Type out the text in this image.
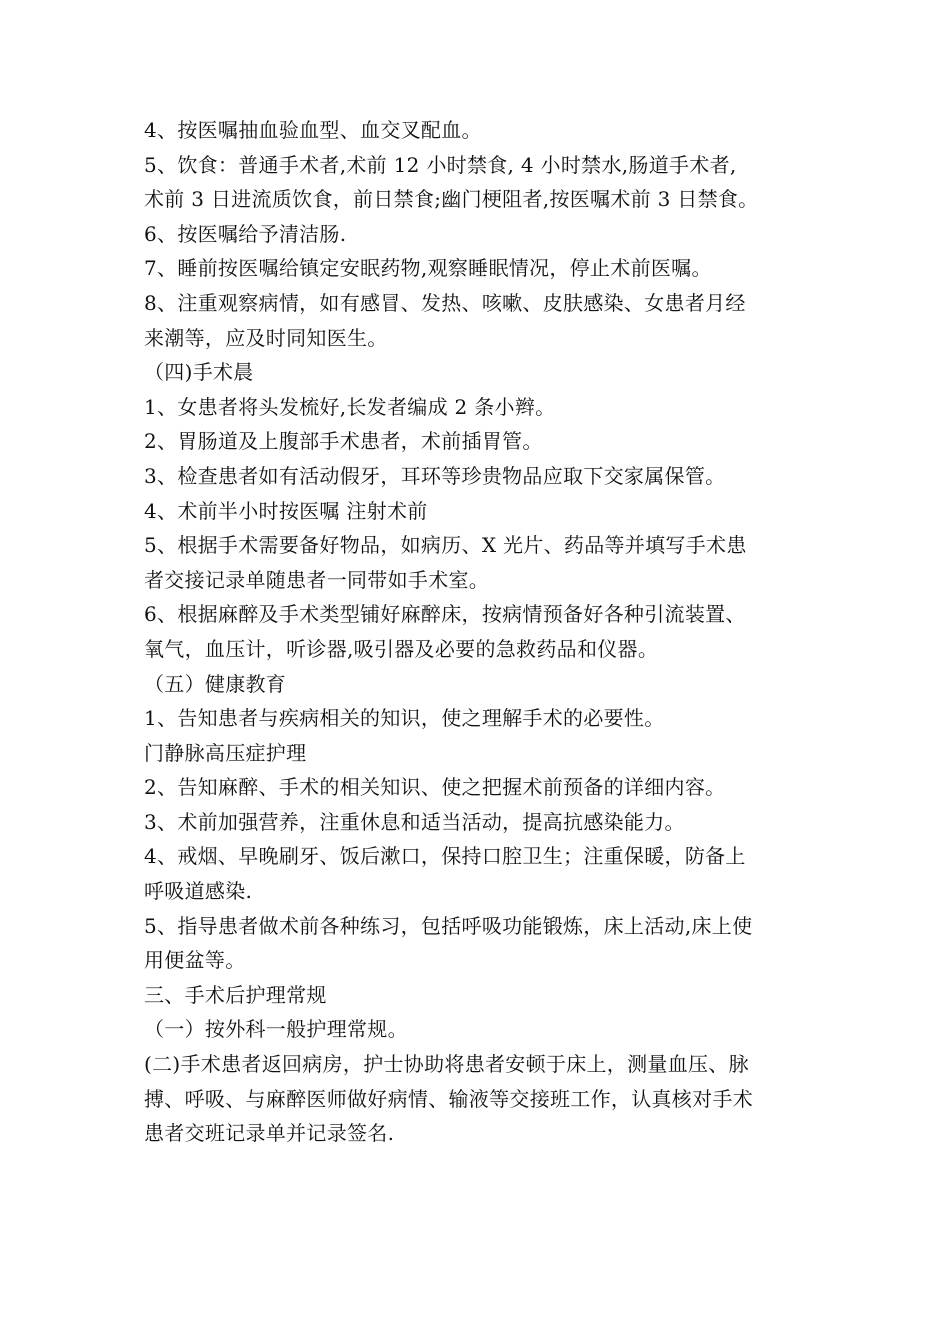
4、按医嘱抽血验血型、血交叉配血。
5、饮食：普通手术者,术前 12 小时禁食, 4 小时禁水,肠道手术者,
术前 3 日进流质饮食，前日禁食;幽门梗阻者,按医嘱术前 3 日禁食。
6、按医嘱给予清洁肠.
7、睡前按医嘱给镇定安眠药物,观察睡眠情况，停止术前医嘱。
8、注重观察病情，如有感冒、发热、咳嗽、皮肤感染、女患者月经
来潮等，应及时同知医生。
（四)手术晨
1、女患者将头发梳好,长发者编成 2 条小辫。
2、胃肠道及上腹部手术患者，术前插胃管。
3、检查患者如有活动假牙，耳环等珍贵物品应取下交家属保管。
4、术前半小时按医嘱 注射术前
5、根据手术需要备好物品，如病历、X 光片、药品等并填写手术患
者交接记录单随患者一同带如手术室。
6、根据麻醉及手术类型铺好麻醉床，按病情预备好各种引流装置、
氧气，血压计，听诊器,吸引器及必要的急救药品和仪器。
（五）健康教育
1、告知患者与疾病相关的知识，使之理解手术的必要性。
门静脉高压症护理
2、告知麻醉、手术的相关知识、使之把握术前预备的详细内容。
3、术前加强营养，注重休息和适当活动，提高抗感染能力。
4、戒烟、早晚刷牙、饭后漱口，保持口腔卫生；注重保暖，防备上
呼吸道感染.
5、指导患者做术前各种练习，包括呼吸功能锻炼，床上活动,床上使
用便盆等。
三、手术后护理常规
（一）按外科一般护理常规。
(二)手术患者返回病房，护士协助将患者安顿于床上，测量血压、脉
搏、呼吸、与麻醉医师做好病情、输液等交接班工作，认真核对手术
患者交班记录单并记录签名.
